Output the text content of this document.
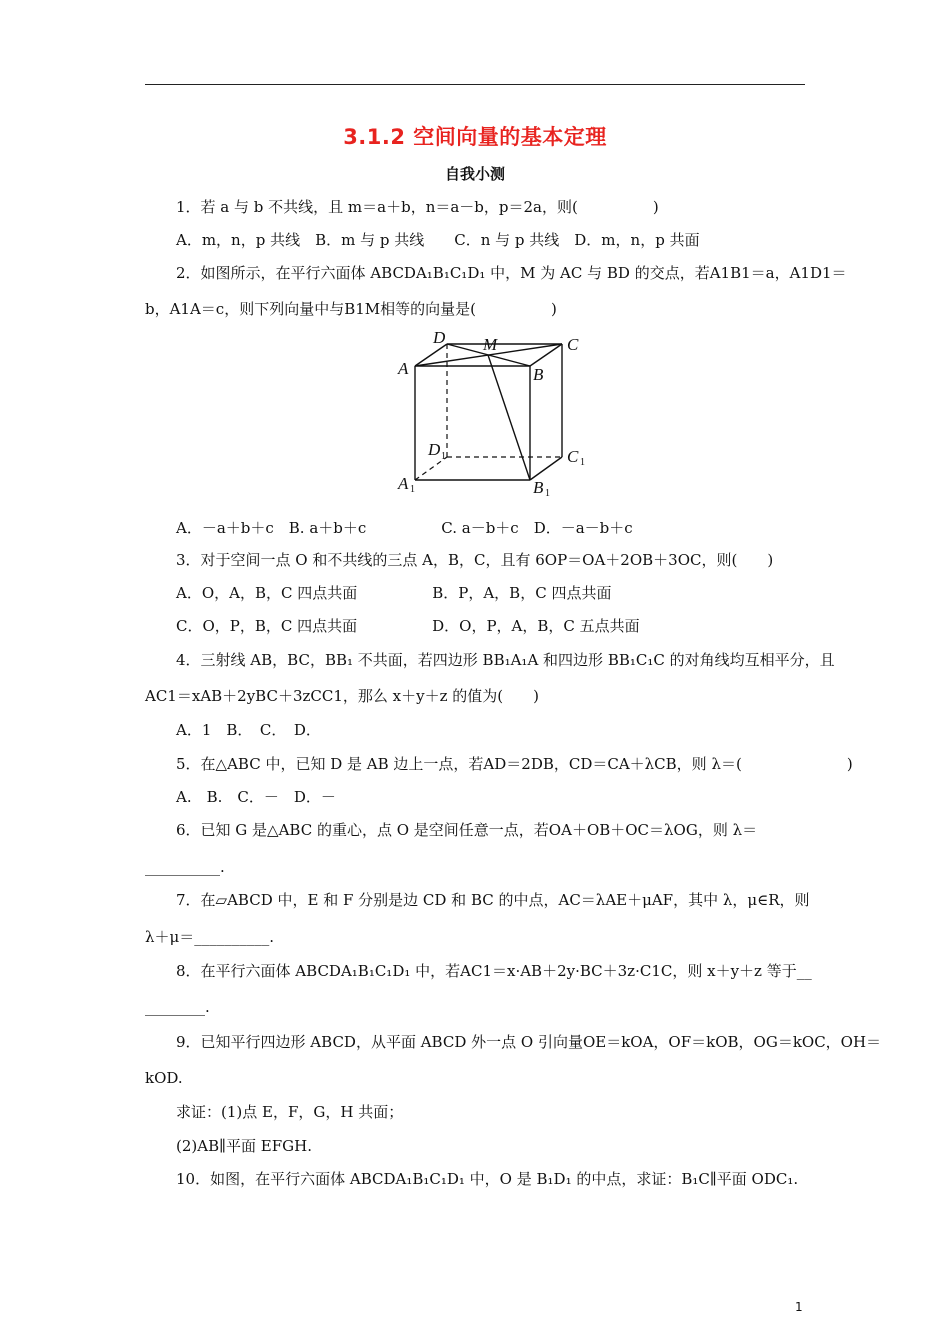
3.1.2 空间向量的基本定理
自我小测
1．若 a 与 b 不共线，且 m＝a＋b，n＝a－b，p＝2a，则(　　　　　)
A．m，n，p 共线　B．m 与 p 共线　　C．n 与 p 共线　D．m，n，p 共面
2．如图所示，在平行六面体 ABCDA₁B₁C₁D₁ 中，M 为 AC 与 BD 的交点，若A1B1＝a，A1D1＝
b，A1A＝c，则下列向量中与B1M相等的向量是(　　　　　)
D M	C
A	B
D	C
A	B
1
1
1	1
A．－a＋b＋c　B. a＋b＋c　　　　　C. a－b＋c　D．－a－b＋c
3．对于空间一点 O 和不共线的三点 A，B，C，且有 6OP＝OA＋2OB＋3OC，则(　　)
A．O，A，B，C 四点共面　　　　　B．P，A，B，C 四点共面
C．O，P，B，C 四点共面　　　　　D．O，P，A，B，C 五点共面
4．三射线 AB，BC，BB₁ 不共面，若四边形 BB₁A₁A 和四边形 BB₁C₁C 的对角线均互相平分，且
AC1＝xAB＋2yBC＋3zCC1，那么 x＋y＋z 的值为(　　)
A．1　B．　C．　D．
5．在△ABC 中，已知 D 是 AB 边上一点，若AD＝2DB，CD＝CA＋λCB，则 λ＝(　　　　　　　)
A.　B.　C．－　D．－
6．已知 G 是△ABC 的重心，点 O 是空间任意一点，若OA＋OB＋OC＝λOG，则 λ＝
__________.
7．在▱ABCD 中，E 和 F 分别是边 CD 和 BC 的中点，AC＝λAE＋μAF，其中 λ，μ∈R，则
λ＋μ＝__________.
8．在平行六面体 ABCDA₁B₁C₁D₁ 中，若AC1＝x·AB＋2y·BC＋3z·C1C，则 x＋y＋z 等于__
________.
9．已知平行四边形 ABCD，从平面 ABCD 外一点 O 引向量OE＝kOA，OF＝kOB，OG＝kOC，OH＝
kOD.
求证：(1)点 E，F，G，H 共面；
(2)AB∥平面 EFGH.
10．如图，在平行六面体 ABCDA₁B₁C₁D₁ 中，O 是 B₁D₁ 的中点，求证：B₁C∥平面 ODC₁.
1
